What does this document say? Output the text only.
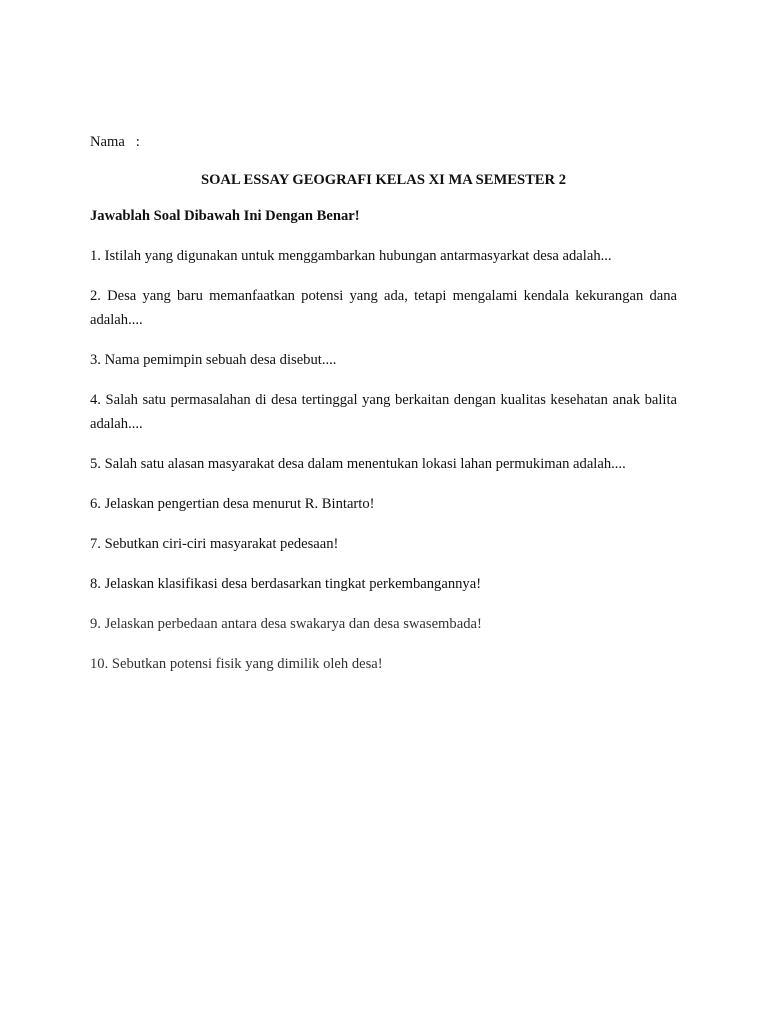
Nama   :

SOAL ESSAY GEOGRAFI KELAS XI MA SEMESTER 2

Jawablah Soal Dibawah Ini Dengan Benar!

1. Istilah yang digunakan untuk menggambarkan hubungan antarmasyarkat desa adalah...
2. Desa yang baru memanfaatkan potensi yang ada, tetapi mengalami kendala kekurangan dana adalah....
3. Nama pemimpin sebuah desa disebut....
4. Salah satu permasalahan di desa tertinggal yang berkaitan dengan kualitas kesehatan anak balita adalah....
5. Salah satu alasan masyarakat desa dalam menentukan lokasi lahan permukiman adalah....
6. Jelaskan pengertian desa menurut R. Bintarto!
7. Sebutkan ciri-ciri masyarakat pedesaan!
8. Jelaskan klasifikasi desa berdasarkan tingkat perkembangannya!
9. Jelaskan perbedaan antara desa swakarya dan desa swasembada!
10. Sebutkan potensi fisik yang dimilik oleh desa!
